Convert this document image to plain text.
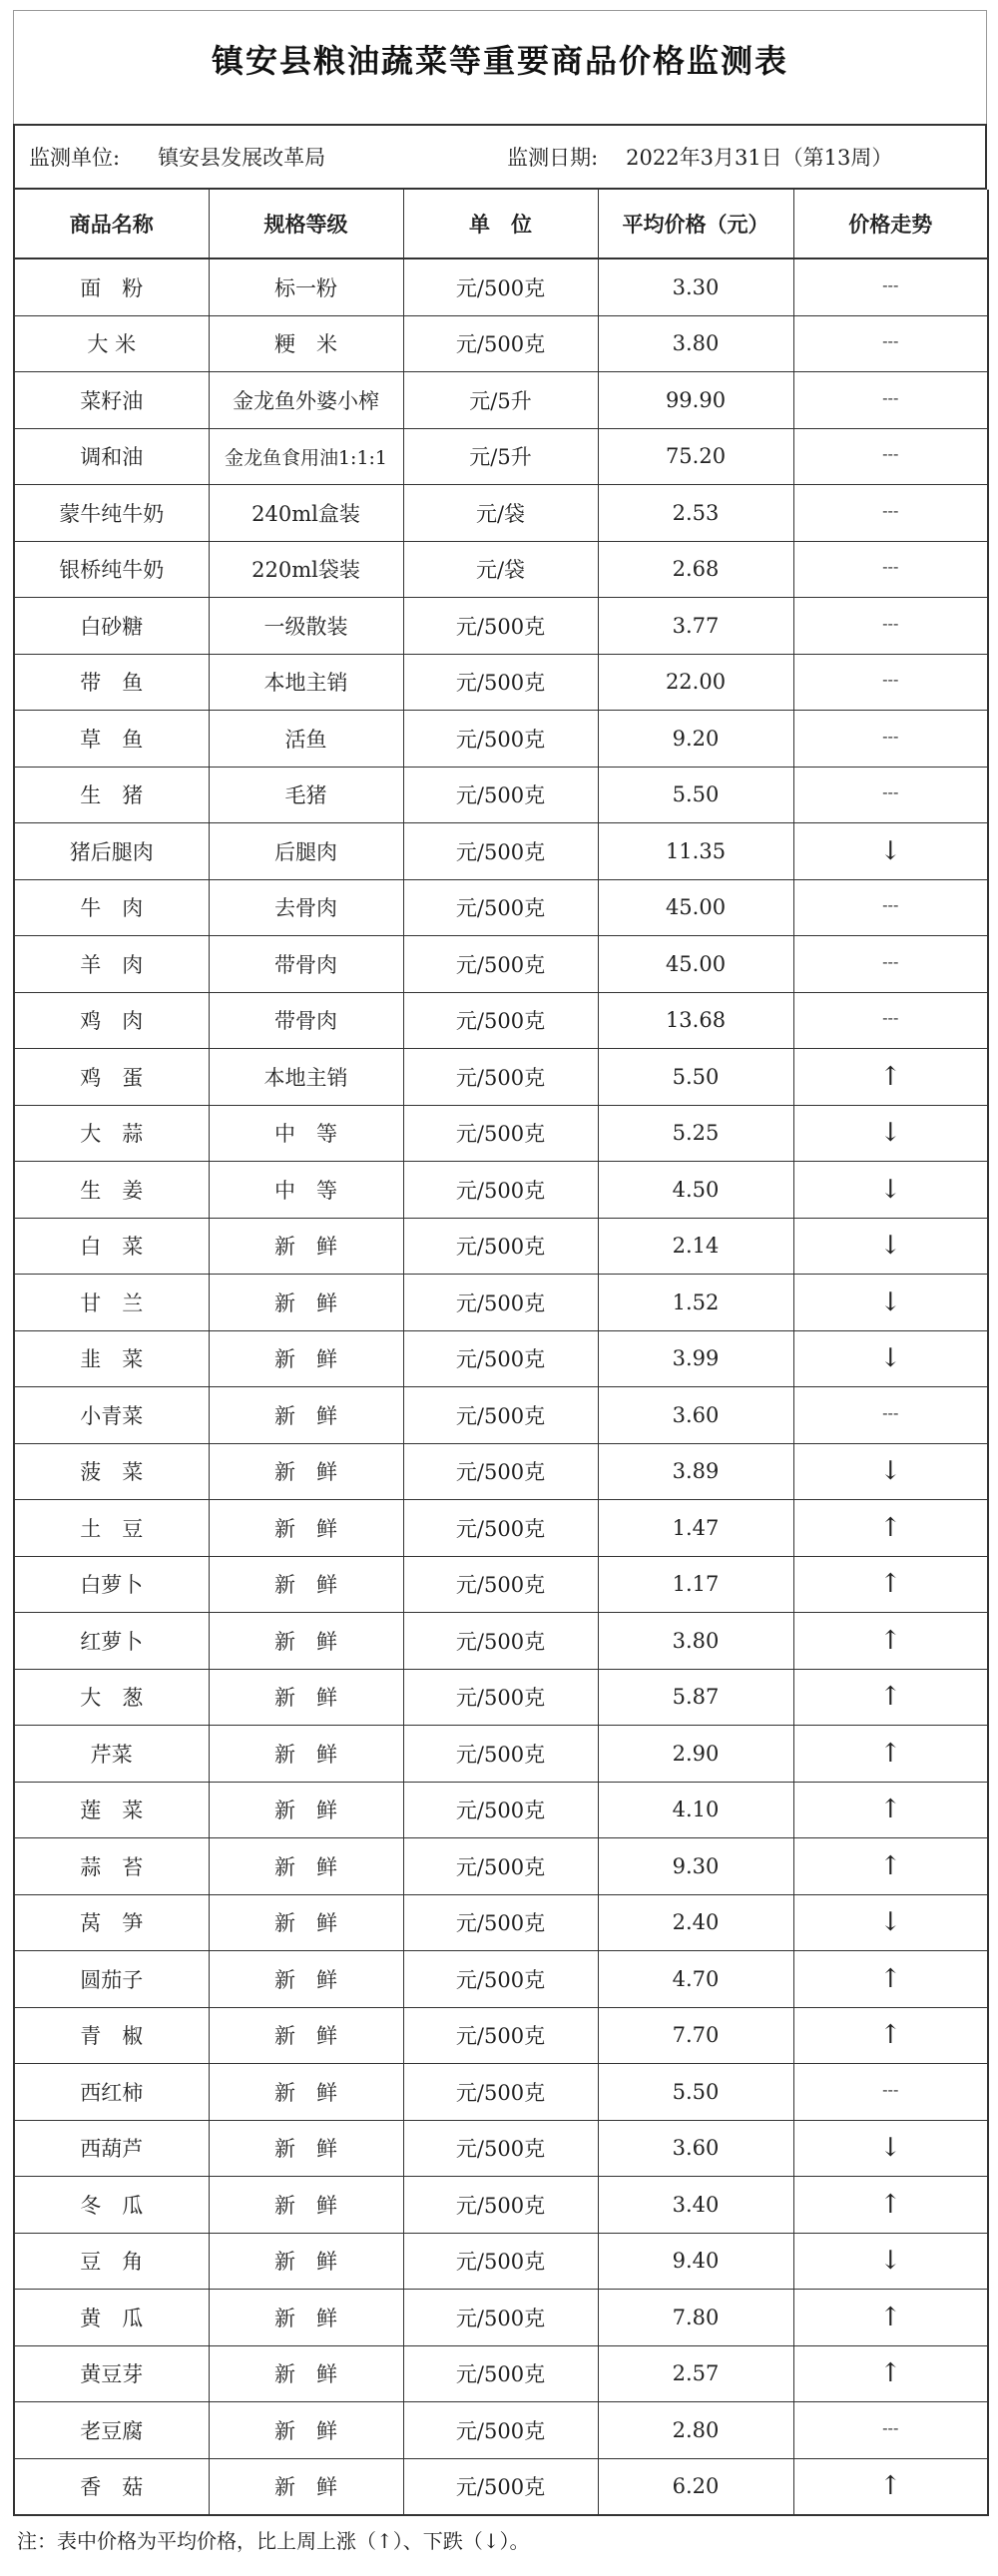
镇安县粮油蔬菜等重要商品价格监测表
监测单位: 镇安县发展改革局	监测日期: 2022年3月31日（第13周）
商品名称	规格等级	单　位	平均价格（元）	价格走势
面　粉	标一粉	元/500克	3.30	---
大 米	粳　米	元/500克	3.80	---
菜籽油	金龙鱼外婆小榨	元/5升	99.90	---
调和油	金龙鱼食用油1:1:1	元/5升	75.20	---
蒙牛纯牛奶	240ml盒装	元/袋	2.53	---
银桥纯牛奶	220ml袋装	元/袋	2.68	---
白砂糖	一级散装	元/500克	3.77	---
带　鱼	本地主销	元/500克	22.00	---
草　鱼	活鱼	元/500克	9.20	---
生　猪	毛猪	元/500克	5.50	---
猪后腿肉	后腿肉	元/500克	11.35	↓
牛　肉	去骨肉	元/500克	45.00	---
羊　肉	带骨肉	元/500克	45.00	---
鸡　肉	带骨肉	元/500克	13.68	---
鸡　蛋	本地主销	元/500克	5.50	↑
大　蒜	中　等	元/500克	5.25	↓
生　姜	中　等	元/500克	4.50	↓
白　菜	新　鲜	元/500克	2.14	↓
甘　兰	新　鲜	元/500克	1.52	↓
韭　菜	新　鲜	元/500克	3.99	↓
小青菜	新　鲜	元/500克	3.60	---
菠　菜	新　鲜	元/500克	3.89	↓
土　豆	新　鲜	元/500克	1.47	↑
白萝卜	新　鲜	元/500克	1.17	↑
红萝卜	新　鲜	元/500克	3.80	↑
大　葱	新　鲜	元/500克	5.87	↑
芹菜	新　鲜	元/500克	2.90	↑
莲　菜	新　鲜	元/500克	4.10	↑
蒜　苔	新　鲜	元/500克	9.30	↑
莴　笋	新　鲜	元/500克	2.40	↓
圆茄子	新　鲜	元/500克	4.70	↑
青　椒	新　鲜	元/500克	7.70	↑
西红柿	新　鲜	元/500克	5.50	---
西葫芦	新　鲜	元/500克	3.60	↓
冬　瓜	新　鲜	元/500克	3.40	↑
豆　角	新　鲜	元/500克	9.40	↓
黄　瓜	新　鲜	元/500克	7.80	↑
黄豆芽	新　鲜	元/500克	2.57	↑
老豆腐	新　鲜	元/500克	2.80	---
香　菇	新　鲜	元/500克	6.20	↑
注：表中价格为平均价格，比上周上涨（↑）、下跌（↓）。
